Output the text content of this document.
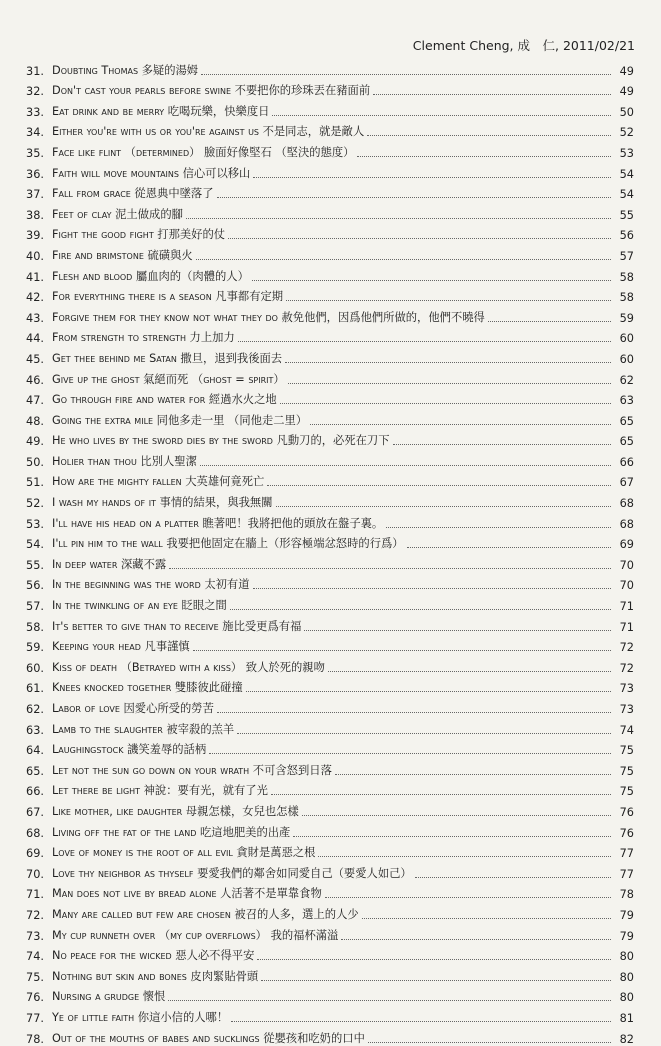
Clement Cheng, 成　仁, 2011/02/21
31. Doubting Thomas 多疑的湯姆	49
32. Don't cast your pearls before swine 不要把你的珍珠丟在豬面前	49
33. Eat drink and be merry 吃喝玩樂，快樂度日	50
34. Either you're with us or you're against us 不是同志，就是敵人	52
35. Face like flint （determined） 臉面好像堅石 （堅決的態度）	53
36. Faith will move mountains 信心可以移山	54
37. Fall from grace 從恩典中墜落了	54
38. Feet of clay 泥土做成的腳	55
39. Fight the good fight 打那美好的仗	56
40. Fire and brimstone 硫磺與火	57
41. Flesh and blood 屬血肉的（肉體的人）	58
42. For everything there is a season 凡事都有定期	58
43. Forgive them for they know not what they do 赦免他們，因爲他們所做的，他們不曉得	59
44. From strength to strength 力上加力	60
45. Get thee behind me Satan 撒旦，退到我後面去	60
46. Give up the ghost 氣絕而死 （ghost = spirit）	62
47. Go through fire and water for 經過水火之地	63
48. Going the extra mile 同他多走一里 （同他走二里）	65
49. He who lives by the sword dies by the sword 凡動刀的，必死在刀下	65
50. Holier than thou 比別人聖潔	66
51. How are the mighty fallen 大英雄何竟死亡	67
52. I wash my hands of it 事情的結果，與我無關	68
53. I'll have his head on a platter 瞧著吧！我將把他的頭放在盤子裏。	68
54. I'll pin him to the wall 我要把他固定在牆上（形容極端忿怒時的行爲）	69
55. In deep water 深藏不露	70
56. In the beginning was the word 太初有道	70
57. In the twinkling of an eye 眨眼之間	71
58. It's better to give than to receive 施比受更爲有福	71
59. Keeping your head 凡事謹慎	72
60. Kiss of death （Betrayed with a kiss） 致人於死的親吻	72
61. Knees knocked together 雙膝彼此碰撞	73
62. Labor of love 因愛心所受的勞苦	73
63. Lamb to the slaughter 被宰殺的羔羊	74
64. Laughingstock 譏笑羞辱的話柄	75
65. Let not the sun go down on your wrath 不可含怒到日落	75
66. Let there be light 神說：要有光，就有了光	75
67. Like mother, like daughter 母親怎樣，女兒也怎樣	76
68. Living off the fat of the land 吃這地肥美的出產	76
69. Love of money is the root of all evil 貪財是萬惡之根	77
70. Love thy neighbor as thyself 要愛我們的鄰舍如同愛自己（要愛人如己）	77
71. Man does not live by bread alone 人活著不是單靠食物	78
72. Many are called but few are chosen 被召的人多，選上的人少	79
73. My cup runneth over （my cup overflows） 我的福杯滿溢	79
74. No peace for the wicked 惡人必不得平安	80
75. Nothing but skin and bones 皮肉緊貼骨頭	80
76. Nursing a grudge 懷恨	80
77. Ye of little faith 你這小信的人哪！	81
78. Out of the mouths of babes and sucklings 從嬰孩和吃奶的口中	82
